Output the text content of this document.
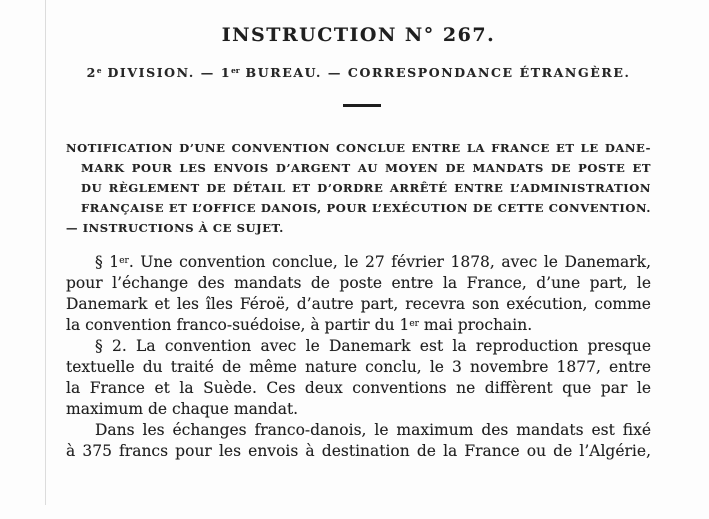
INSTRUCTION N° 267.
2e DIVISION. — 1er BUREAU. — CORRESPONDANCE ÉTRANGÈRE.
NOTIFICATION D’UNE CONVENTION CONCLUE ENTRE LA FRANCE ET LE DANE-
MARK POUR LES ENVOIS D’ARGENT AU MOYEN DE MANDATS DE POSTE ET
DU RÈGLEMENT DE DÉTAIL ET D’ORDRE ARRÊTÉ ENTRE L’ADMINISTRATION
FRANÇAISE ET L’OFFICE DANOIS, POUR L’EXÉCUTION DE CETTE CONVENTION.
— INSTRUCTIONS À CE SUJET.
§ 1er. Une convention conclue, le 27 février 1878, avec le Danemark,
pour l’échange des mandats de poste entre la France, d’une part, le
Danemark et les îles Féroë, d’autre part, recevra son exécution, comme
la convention franco-suédoise, à partir du 1er mai prochain.
§ 2. La convention avec le Danemark est la reproduction presque
textuelle du traité de même nature conclu, le 3 novembre 1877, entre
la France et la Suède. Ces deux conventions ne diffèrent que par le
maximum de chaque mandat.
Dans les échanges franco-danois, le maximum des mandats est fixé
à 375 francs pour les envois à destination de la France ou de l’Algérie,
